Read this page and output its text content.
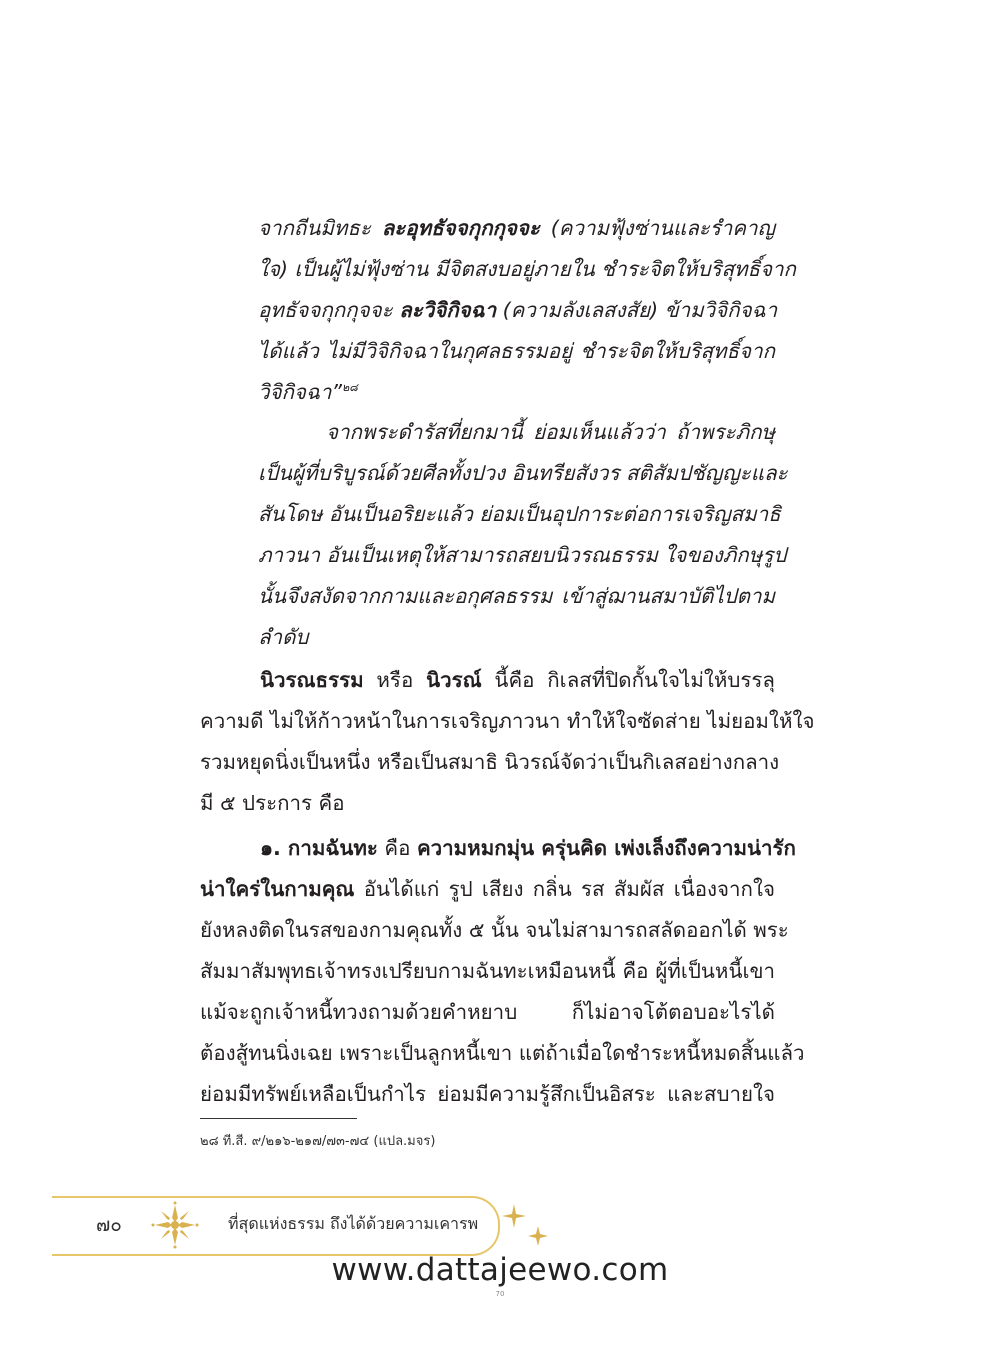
จากถีนมิทธะ ละอุทธัจจกุกกุจจะ (ความฟุ้งซ่านและรำคาญ
ใจ) เป็นผู้ไม่ฟุ้งซ่าน มีจิตสงบอยู่ภายใน ชำระจิตให้บริสุทธิ์จาก
อุทธัจจกุกกุจจะ ละวิจิกิจฉา (ความลังเลสงสัย) ข้ามวิจิกิจฉา
ได้แล้ว ไม่มีวิจิกิจฉาในกุศลธรรมอยู่ ชำระจิตให้บริสุทธิ์จาก
วิจิกิจฉา”$^{๒๘}$
จากพระดำรัสที่ยกมานี้ ย่อมเห็นแล้วว่า ถ้าพระภิกษุ
เป็นผู้ที่บริบูรณ์ด้วยศีลทั้งปวง อินทรียสังวร สติสัมปชัญญะและ
สันโดษ อันเป็นอริยะแล้ว ย่อมเป็นอุปการะต่อการเจริญสมาธิ
ภาวนา อันเป็นเหตุให้สามารถสยบนิวรณธรรม ใจของภิกษุรูป
นั้นจึงสงัดจากกามและอกุศลธรรม เข้าสู่ฌานสมาบัติไปตาม
ลำดับ
นิวรณธรรม หรือ นิวรณ์ นี้คือ กิเลสที่ปิดกั้นใจไม่ให้บรรลุ
ความดี ไม่ให้ก้าวหน้าในการเจริญภาวนา ทำให้ใจซัดส่าย ไม่ยอมให้ใจ
รวมหยุดนิ่งเป็นหนึ่ง หรือเป็นสมาธิ นิวรณ์จัดว่าเป็นกิเลสอย่างกลาง
มี ๕ ประการ คือ
๑. กามฉันทะ คือ ความหมกมุ่น ครุ่นคิด เพ่งเล็งถึงความน่ารัก
น่าใคร่ในกามคุณ อันได้แก่ รูป เสียง กลิ่น รส สัมผัส เนื่องจากใจ
ยังหลงติดในรสของกามคุณทั้ง ๕ นั้น จนไม่สามารถสลัดออกได้ พระ
สัมมาสัมพุทธเจ้าทรงเปรียบกามฉันทะเหมือนหนี้ คือ ผู้ที่เป็นหนี้เขา
แม้จะถูกเจ้าหนี้ทวงถามด้วยคำหยาบ ก็ไม่อาจโต้ตอบอะไรได้
ต้องสู้ทนนิ่งเฉย เพราะเป็นลูกหนี้เขา แต่ถ้าเมื่อใดชำระหนี้หมดสิ้นแล้ว
ย่อมมีทรัพย์เหลือเป็นกำไร ย่อมมีความรู้สึกเป็นอิสระ และสบายใจ
๒๘ ที.สี. ๙/๒๑๖-๒๑๗/๗๓-๗๔ (แปล.มจร)
๗๐	ที่สุดแห่งธรรม ถึงได้ด้วยความเคารพ
www.dattajeewo.com
70
